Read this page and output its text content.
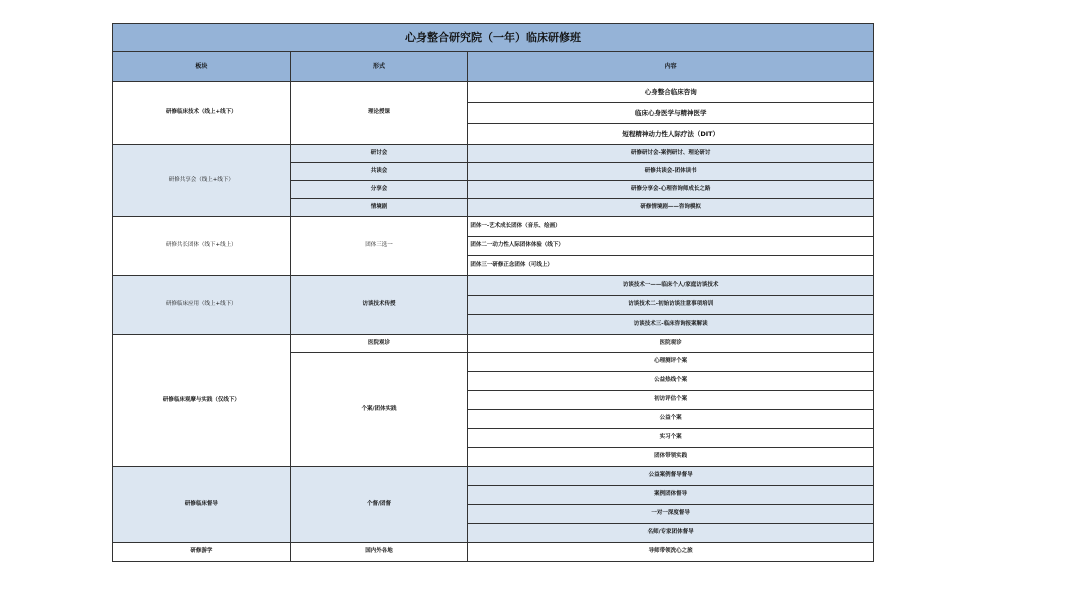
心身整合研究院（一年）临床研修班		
板块	形式	内容
研修临床技术（线上+线下）	理论授课	心身整合临床咨询
		临床心身医学与精神医学
		短程精神动力性人际疗法（DIT）
研修共享会（线上+线下）	研讨会	研修研讨会-案例研讨、理论研讨
	共读会	研修共读会-团体读书
	分享会	研修分享会-心理咨询师成长之路
	情境剧	研修情境剧——咨询模拟
研修共长团体（线下+线上）	团体三选一	团体一-艺术成长团体（音乐、绘画）
		团体二一动力性人际团体体验（线下）
		团体三一研修正念团体（可线上）
研修临床应用（线上+线下）	访谈技术传授	访谈技术一——临床个人/家庭访谈技术
		访谈技术二-初始访谈注意事项培训
		访谈技术三-临床咨询报案解读
研修临床观摩与实践（仅线下）	医院观诊	医院观诊
	个案/团体实践	心理测评个案
		公益热线个案
		初访评估个案
		公益个案
		实习个案
		团体带领实践
研修临床督导	个督/团督	公益案例督导督导
		案例团体督导
		一对一深度督导
		名师/专家团体督导
研修游学	国内外各地	导师带领洗心之旅
